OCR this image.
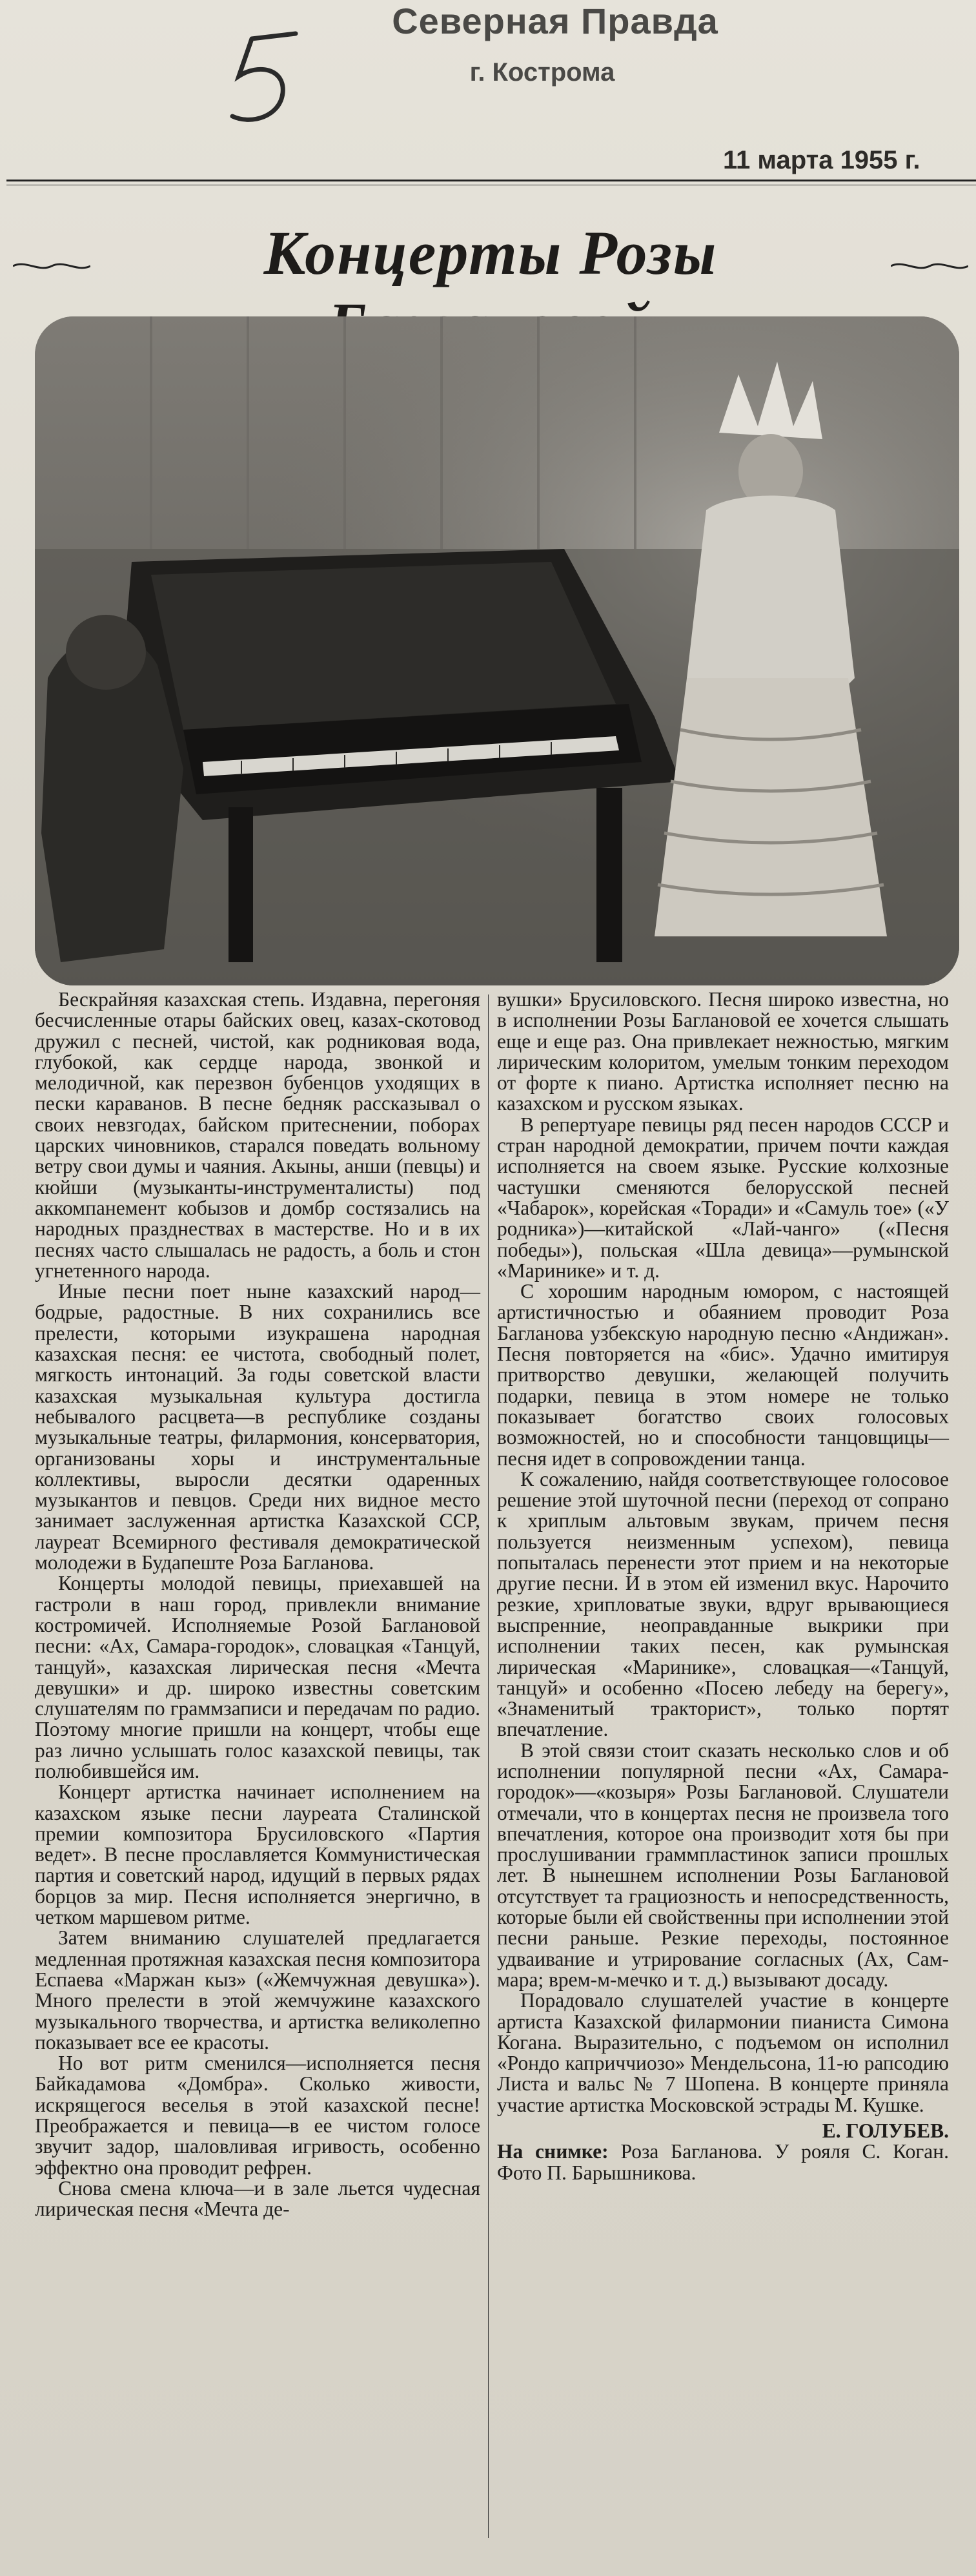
Северная Правда
г. Кострома
11 марта 1955 г.
Концерты Розы

Бескрайняя казахская степь. Издавна, перегоняя бесчисленные отары байских овец, казах-скотовод дружил с песней, чистой, как родниковая вода, глубокой, как сердце народа, звонкой и мелодичной, как перезвон бубенцов уходящих в пески караванов. В песне бедняк рассказывал о своих невзгодах, байском притеснении, поборах царских чиновников, старался поведать вольному ветру свои думы и чаяния. Акыны, анши (певцы) и кюйши (музыканты-инструменталисты) под аккомпанемент кобызов и домбр состязались на народных празднествах в мастерстве. Но и в их песнях часто слышалась не радость, а боль и стон угнетенного народа.

Иные песни поет ныне казахский народ—бодрые, радостные. В них сохранились все прелести, которыми изукрашена народная казахская песня: ее чистота, свободный полет, мягкость интонаций. За годы советской власти казахская музыкальная культура достигла небывалого расцвета—в республике созданы музыкальные театры, филармония, консерватория, организованы хоры и инструментальные коллективы, выросли десятки одаренных музыкантов и певцов. Среди них видное место занимает заслуженная артистка Казахской ССР, лауреат Всемирного фестиваля демократической молодежи в Будапеште Роза Багланова.

Концерты молодой певицы, приехавшей на гастроли в наш город, привлекли внимание костромичей. Исполняемые Розой Баглановой песни: «Ах, Самара-городок», словацкая «Танцуй, танцуй», казахская лирическая песня «Мечта девушки» и др. широко известны советским слушателям по граммзаписи и передачам по радио. Поэтому многие пришли на концерт, чтобы еще раз лично услышать голос казахской певицы, так полюбившейся им.

Концерт артистка начинает исполнением на казахском языке песни лауреата Сталинской премии композитора Брусиловского «Партия ведет». В песне прославляется Коммунистическая партия и советский народ, идущий в первых рядах борцов за мир. Песня исполняется энергично, в четком маршевом ритме.

Затем вниманию слушателей предлагается медленная протяжная казахская песня композитора Еспаева «Маржан кыз» («Жемчужная девушка»). Много прелести в этой жемчужине казахского музыкального творчества, и артистка великолепно показывает все ее красоты.

Но вот ритм сменился—исполняется песня Байкадамова «Домбра». Сколько живости, искрящегося веселья в этой казахской песне! Преображается и певица—в ее чистом голосе звучит задор, шаловливая игривость, особенно эффектно она проводит рефрен.

Снова смена ключа—и в зале льется чудесная лирическая песня «Мечта де-

вушки» Брусиловского. Песня широко известна, но в исполнении Розы Баглановой ее хочется слышать еще и еще раз. Она привлекает нежностью, мягким лирическим колоритом, умелым тонким переходом от форте к пиано. Артистка исполняет песню на казахском и русском языках.

В репертуаре певицы ряд песен народов СССР и стран народной демократии, причем почти каждая исполняется на своем языке. Русские колхозные частушки сменяются белорусской песней «Чабарок», корейская «Торади» и «Самуль тое» («У родника»)—китайской «Лай-чанго» («Песня победы»), польская «Шла девица»—румынской «Маринике» и т. д.

С хорошим народным юмором, с настоящей артистичностью и обаянием проводит Роза Багланова узбекскую народную песню «Андижан». Песня повторяется на «бис». Удачно имитируя притворство девушки, желающей получить подарки, певица в этом номере не только показывает богатство своих голосовых возможностей, но и способности танцовщицы—песня идет в сопровождении танца.

К сожалению, найдя соответствующее голосовое решение этой шуточной песни (переход от сопрано к хриплым альтовым звукам, причем песня пользуется неизменным успехом), певица попыталась перенести этот прием и на некоторые другие песни. И в этом ей изменил вкус. Нарочито резкие, хрипловатые звуки, вдруг врывающиеся выспренние, неоправданные выкрики при исполнении таких песен, как румынская лирическая «Маринике», словацкая—«Танцуй, танцуй» и особенно «Посею лебеду на берегу», «Знаменитый тракторист», только портят впечатление.

В этой связи стоит сказать несколько слов и об исполнении популярной песни «Ах, Самара-городок»—«козыря» Розы Баглановой. Слушатели отмечали, что в концертах песня не произвела того впечатления, которое она производит хотя бы при прослушивании граммпластинок записи прошлых лет. В нынешнем исполнении Розы Баглановой отсутствует та грациозность и непосредственность, которые были ей свойственны при исполнении этой песни раньше. Резкие переходы, постоянное удваивание и утрирование согласных (Ах, Сам-мара; врем-м-мечко и т. д.) вызывают досаду.

Порадовало слушателей участие в концерте артиста Казахской филармонии пианиста Симона Когана. Выразительно, с подъемом он исполнил «Рондо каприччиозо» Мендельсона, 11-ю рапсодию Листа и вальс № 7 Шопена. В концерте приняла участие артистка Московской эстрады М. Кушке.

Е. ГОЛУБЕВ.

На снимке: Роза Багланова. У рояля С. Коган. Фото П. Барышникова.
